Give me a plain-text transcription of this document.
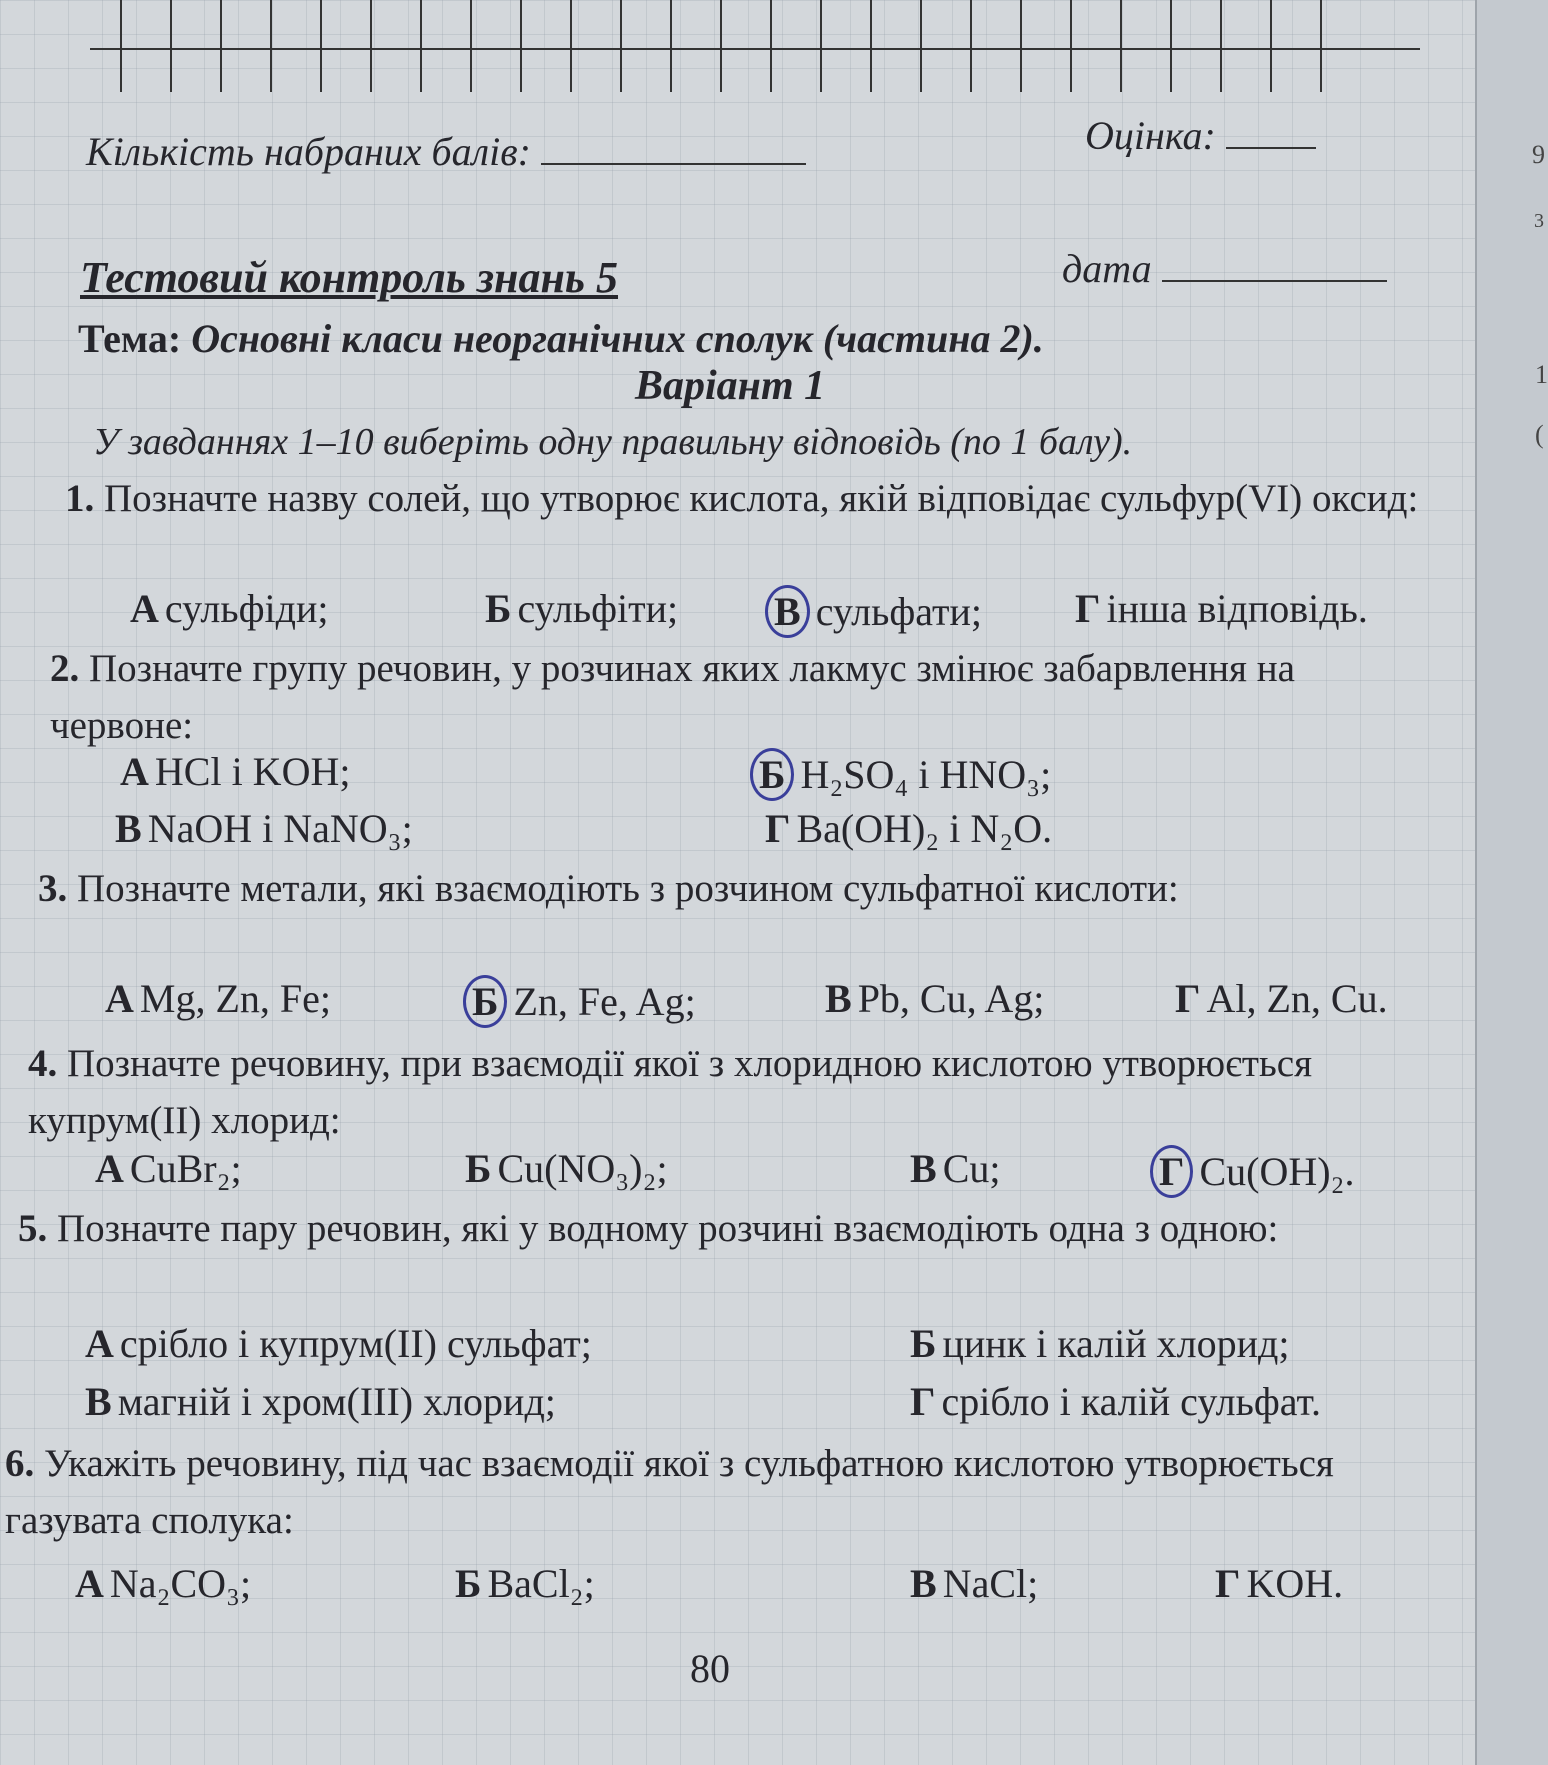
Кількість набраних балів:	Оцінка:
Тестовий контроль знань 5	дата
Тема: Основні класи неорганічних сполук (частина 2).
Варіант 1
У завданнях 1–10 виберіть одну правильну відповідь (по 1 балу).
1. Позначте назву солей, що утворює кислота, якій відповідає сульфур(VI) оксид:
А сульфіди;	Б сульфіти; В сульфати; Г інша відповідь.
2. Позначте групу речовин, у розчинах яких лакмус змінює забарвлення на червоне:
А HCl і KOH;	Б H₂SO₄ і HNO₃;
В NaOH і NaNO₃;	Г Ba(OH)₂ і N₂O.
3. Позначте метали, які взаємодіють з розчином сульфатної кислоти:
А Mg, Zn, Fe;	Б Zn, Fe, Ag;	В Pb, Cu, Ag;	Г Al, Zn, Cu.
4. Позначте речовину, при взаємодії якої з хлоридною кислотою утворюється купрум(II) хлорид:
А CuBr₂;	Б Cu(NO₃)₂;	В Cu;	Г Cu(OH)₂.
5. Позначте пару речовин, які у водному розчині взаємодіють одна з одною:
А срібло і купрум(II) сульфат;	Б цинк і калій хлорид;
В магній і хром(III) хлорид;	Г срібло і калій сульфат.
6. Укажіть речовину, під час взаємодії якої з сульфатною кислотою утворюється газувата сполука:
А Na₂CO₃;	Б BaCl₂;	В NaCl;	Г KOH.
80
9
3
1
(
